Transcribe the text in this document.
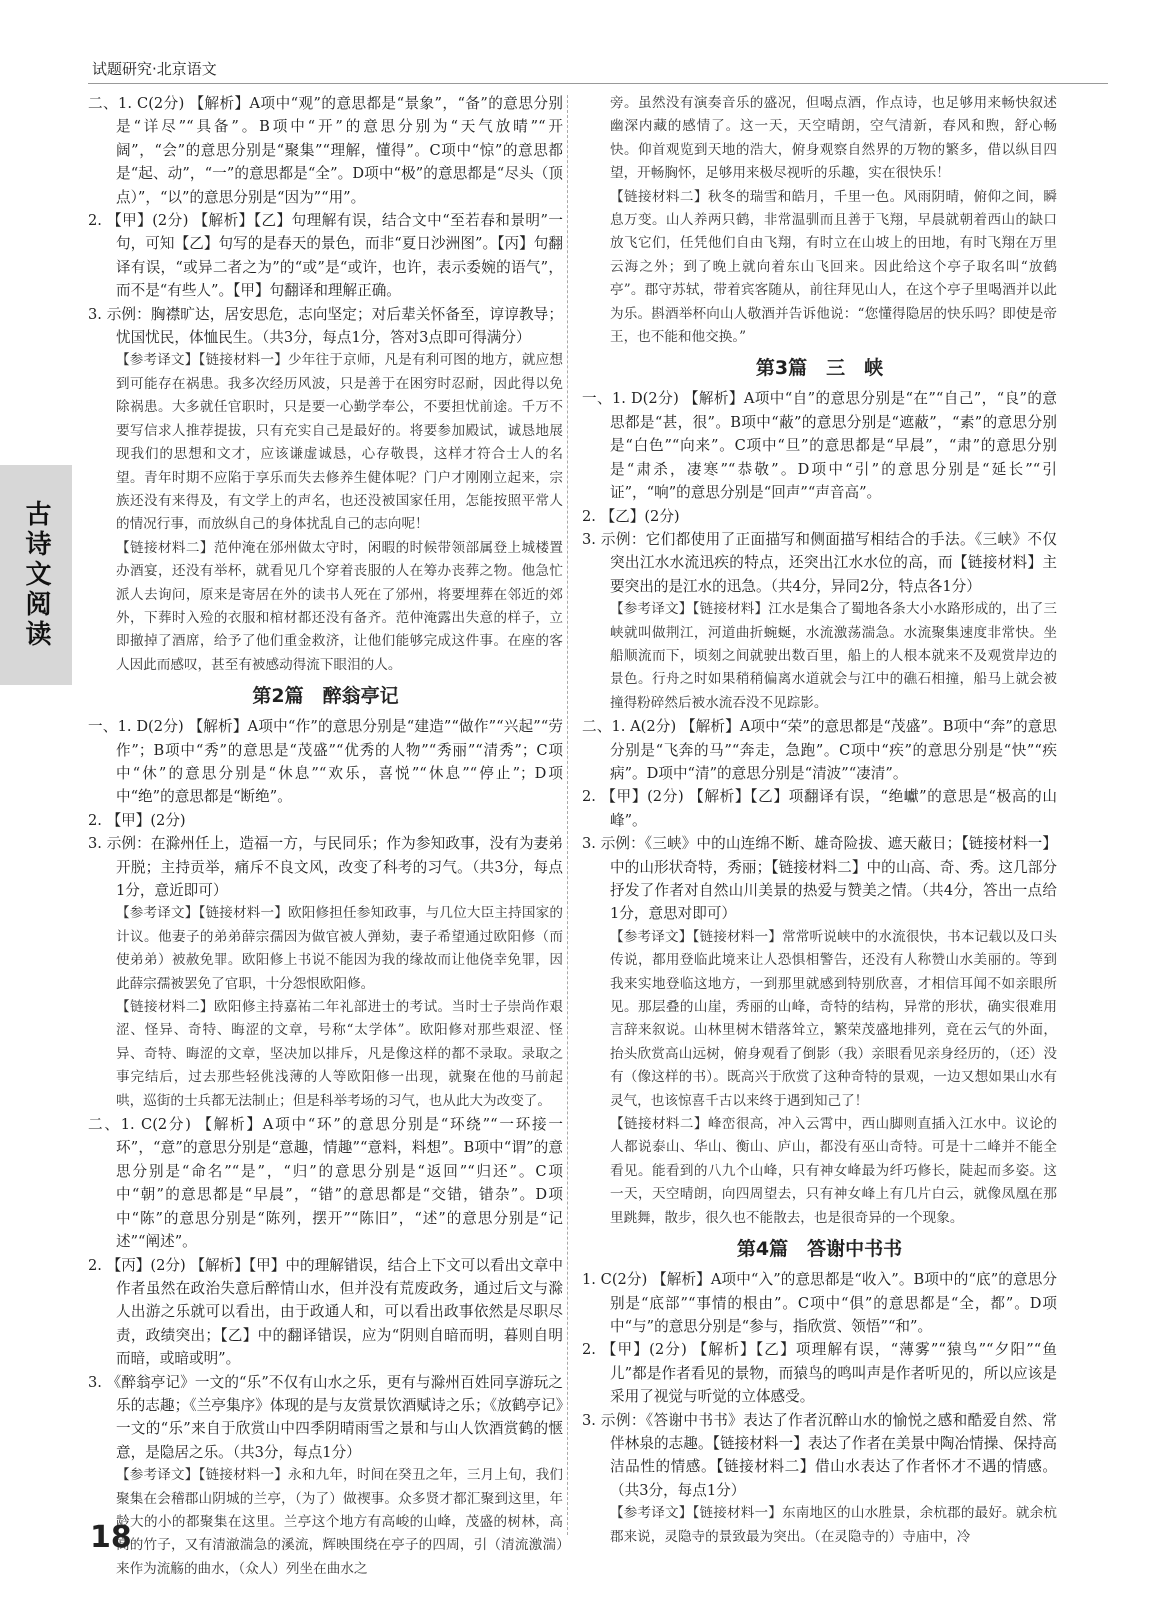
试题研究·北京语文

二、1. C(2分) 【解析】A项中“观”的意思都是“景象”，“备”的意思分别是“详尽”“具备”。B项中“开”的意思分别为“天气放晴”“开阔”，“会”的意思分别是“聚集”“理解，懂得”。C项中“惊”的意思都是“起、动”，“一”的意思都是“全”。D项中“极”的意思都是“尽头（顶点）”，“以”的意思分别是“因为”“用”。

2. 【甲】(2分) 【解析】【乙】句理解有误，结合文中“至若春和景明”一句，可知【乙】句写的是春天的景色，而非“夏日沙洲图”。【丙】句翻译有误，“或异二者之为”的“或”是“或许，也许，表示委婉的语气”，而不是“有些人”。【甲】句翻译和理解正确。

3. 示例：胸襟旷达，居安思危，志向坚定；对后辈关怀备至，谆谆教导；忧国忧民，体恤民生。（共3分，每点1分，答对3点即可得满分）

【参考译文】【链接材料一】少年往于京师，凡是有利可图的地方，就应想到可能存在祸患。我多次经历风波，只是善于在困穷时忍耐，因此得以免除祸患。大多就任官职时，只是要一心勤学奉公，不要担忧前途。千万不要写信求人推荐提拔，只有充实自己是最好的。将要参加殿试，诚恳地展现我们的思想和文才，应该谦虚诚恳，心存敬畏，这样才符合士人的名望。青年时期不应陷于享乐而失去修养生健体呢？门户才刚刚立起来，宗族还没有来得及，有文学上的声名，也还没被国家任用，怎能按照平常人的情况行事，而放纵自己的身体扰乱自己的志向呢！

【链接材料二】范仲淹在邠州做太守时，闲暇的时候带领部属登上城楼置办酒宴，还没有举杯，就看见几个穿着丧服的人在筹办丧葬之物。他急忙派人去询问，原来是寄居在外的读书人死在了邠州，将要埋葬在邻近的郊外，下葬时入殓的衣服和棺材都还没有备齐。范仲淹露出失意的样子，立即撤掉了酒席，给予了他们重金救济，让他们能够完成这件事。在座的客人因此而感叹，甚至有被感动得流下眼泪的人。

第2篇　醉翁亭记

一、1. D(2分) 【解析】A项中“作”的意思分别是“建造”“做作”“兴起”“劳作”；B项中“秀”的意思是“茂盛”“优秀的人物”“秀丽”“清秀”；C项中“休”的意思分别是“休息”“欢乐，喜悦”“休息”“停止”；D项中“绝”的意思都是“断绝”。

2. 【甲】(2分)

3. 示例：在滁州任上，造福一方，与民同乐；作为参知政事，没有为妻弟开脱；主持贡举，痛斥不良文风，改变了科考的习气。（共3分，每点1分，意近即可）

【参考译文】【链接材料一】欧阳修担任参知政事，与几位大臣主持国家的计议。他妻子的弟弟薛宗孺因为做官被人弹劾，妻子希望通过欧阳修（而使弟弟）被赦免罪。欧阳修上书说不能因为我的缘故而让他侥幸免罪，因此薛宗孺被罢免了官职，十分怨恨欧阳修。

【链接材料二】欧阳修主持嘉祐二年礼部进士的考试。当时士子崇尚作艰涩、怪异、奇特、晦涩的文章，号称“太学体”。欧阳修对那些艰涩、怪异、奇特、晦涩的文章，坚决加以排斥，凡是像这样的都不录取。录取之事完结后，过去那些轻佻浅薄的人等欧阳修一出现，就聚在他的马前起哄，巡街的士兵都无法制止；但是科举考场的习气，也从此大为改变了。

二、1. C(2分) 【解析】A项中“环”的意思分别是“环绕”“一环接一环”，“意”的意思分别是“意趣，情趣”“意料，料想”。B项中“谓”的意思分别是“命名”“是”，“归”的意思分别是“返回”“归还”。C项中“朝”的意思都是“早晨”，“错”的意思都是“交错，错杂”。D项中“陈”的意思分别是“陈列，摆开”“陈旧”，“述”的意思分别是“记述”“阐述”。

2. 【丙】(2分) 【解析】【甲】中的理解错误，结合上下文可以看出文章中作者虽然在政治失意后醉情山水，但并没有荒废政务，通过后文与滁人出游之乐就可以看出，由于政通人和，可以看出政事依然是尽职尽责，政绩突出；【乙】中的翻译错误，应为“阴则自暗而明，暮则自明而暗，或暗或明”。

3. 《醉翁亭记》一文的“乐”不仅有山水之乐，更有与滁州百姓同享游玩之乐的志趣；《兰亭集序》体现的是与友赏景饮酒赋诗之乐；《放鹤亭记》一文的“乐”来自于欣赏山中四季阴晴雨雪之景和与山人饮酒赏鹤的惬意，是隐居之乐。（共3分，每点1分）

【参考译文】【链接材料一】永和九年，时间在癸丑之年，三月上旬，我们聚集在会稽郡山阴城的兰亭，（为了）做禊事。众多贤才都汇聚到这里，年龄大的小的都聚集在这里。兰亭这个地方有高峻的山峰，茂盛的树林，高高的竹子，又有清澈湍急的溪流，辉映围绕在亭子的四周，引（清流激湍）来作为流觞的曲水，（众人）列坐在曲水之

旁。虽然没有演奏音乐的盛况，但喝点酒，作点诗，也足够用来畅快叙述幽深内藏的感情了。这一天，天空晴朗，空气清新，春风和煦，舒心畅快。仰首观览到天地的浩大，俯身观察自然界的万物的繁多，借以纵目四望，开畅胸怀，足够用来极尽视听的乐趣，实在很快乐！

【链接材料二】秋冬的瑞雪和皓月，千里一色。风雨阴晴，俯仰之间，瞬息万变。山人养两只鹤，非常温驯而且善于飞翔，早晨就朝着西山的缺口放飞它们，任凭他们自由飞翔，有时立在山坡上的田地，有时飞翔在万里云海之外；到了晚上就向着东山飞回来。因此给这个亭子取名叫“放鹤亭”。郡守苏轼，带着宾客随从，前往拜见山人，在这个亭子里喝酒并以此为乐。斟酒举杯向山人敬酒并告诉他说：“您懂得隐居的快乐吗？即使是帝王，也不能和他交换。”

第3篇　三　峡

一、1. D(2分) 【解析】A项中“自”的意思分别是“在”“自己”，“良”的意思都是“甚，很”。B项中“蔽”的意思分别是“遮蔽”，“素”的意思分别是“白色”“向来”。C项中“旦”的意思都是“早晨”，“肃”的意思分别是“肃杀，凄寒”“恭敬”。D项中“引”的意思分别是“延长”“引证”，“响”的意思分别是“回声”“声音高”。

2. 【乙】(2分)

3. 示例：它们都使用了正面描写和侧面描写相结合的手法。《三峡》不仅突出江水水流迅疾的特点，还突出江水水位的高，而【链接材料】主要突出的是江水的迅急。（共4分，异同2分，特点各1分）

【参考译文】【链接材料】江水是集合了蜀地各条大小水路形成的，出了三峡就叫做荆江，河道曲折蜿蜒，水流激荡湍急。水流聚集速度非常快。坐船顺流而下，顷刻之间就驶出数百里，船上的人根本就来不及观赏岸边的景色。行舟之时如果稍稍偏离水道就会与江中的礁石相撞，船马上就会被撞得粉碎然后被水流吞没不见踪影。

二、1. A(2分) 【解析】A项中“荣”的意思都是“茂盛”。B项中“奔”的意思分别是“飞奔的马”“奔走，急跑”。C项中“疾”的意思分别是“快”“疾病”。D项中“清”的意思分别是“清波”“凄清”。

2. 【甲】(2分) 【解析】【乙】项翻译有误，“绝巘”的意思是“极高的山峰”。

3. 示例：《三峡》中的山连绵不断、雄奇险拔、遮天蔽日；【链接材料一】中的山形状奇特，秀丽；【链接材料二】中的山高、奇、秀。这几部分抒发了作者对自然山川美景的热爱与赞美之情。（共4分，答出一点给1分，意思对即可）

【参考译文】【链接材料一】常常听说峡中的水流很快，书本记载以及口头传说，都用登临此境来让人恐惧相警告，还没有人称赞山水美丽的。等到我来实地登临这地方，一到那里就感到特别欣喜，才相信耳闻不如亲眼所见。那层叠的山崖，秀丽的山峰，奇特的结构，异常的形状，确实很难用言辞来叙说。山林里树木错落耸立，繁荣茂盛地排列，竟在云气的外面，抬头欣赏高山远树，俯身观看了倒影（我）亲眼看见亲身经历的，（还）没有（像这样的书）。既高兴于欣赏了这种奇特的景观，一边又想如果山水有灵气，也该惊喜千古以来终于遇到知己了！

【链接材料二】峰峦很高，冲入云霄中，西山脚则直插入江水中。议论的人都说泰山、华山、衡山、庐山，都没有巫山奇特。可是十二峰并不能全看见。能看到的八九个山峰，只有神女峰最为纤巧修长，陡起而多姿。这一天，天空晴朗，向四周望去，只有神女峰上有几片白云，就像凤凰在那里跳舞，散步，很久也不能散去，也是很奇异的一个现象。

第4篇　答谢中书书

1. C(2分) 【解析】A项中“入”的意思都是“收入”。B项中的“底”的意思分别是“底部”“事情的根由”。C项中“俱”的意思都是“全，都”。D项中“与”的意思分别是“参与，指欣赏、领悟”“和”。

2. 【甲】(2分) 【解析】【乙】项理解有误，“薄雾”“猿鸟”“夕阳”“鱼儿”都是作者看见的景物，而猿鸟的鸣叫声是作者听见的，所以应该是采用了视觉与听觉的立体感受。

3. 示例：《答谢中书书》表达了作者沉醉山水的愉悦之感和酷爱自然、常伴林泉的志趣。【链接材料一】表达了作者在美景中陶冶情操、保持高洁品性的情感。【链接材料二】借山水表达了作者怀才不遇的情感。（共3分，每点1分）

【参考译文】【链接材料一】东南地区的山水胜景，余杭郡的最好。就余杭郡来说，灵隐寺的景致最为突出。（在灵隐寺的）寺庙中，冷

古诗文阅读
18
